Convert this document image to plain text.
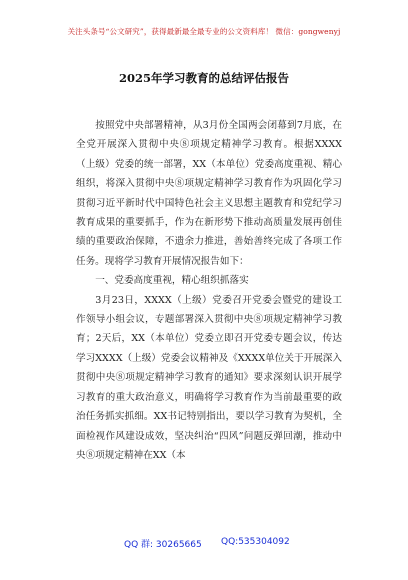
关注头条号“公文研究”，获得最新最全最专业的公文资料库！ 微信：gongwenyj
2025年学习教育的总结评估报告

按照党中央部署精神，从3月份全国两会闭幕到7月底，在全党开展深入贯彻中央⑧项规定精神学习教育。根据XXXX（上级）党委的统一部署，XX（本单位）党委高度重视、精心组织，将深入贯彻中央⑧项规定精神学习教育作为巩固化学习贯彻习近平新时代中国特色社会主义思想主题教育和党纪学习教育成果的重要抓手，作为在新形势下推动高质量发展再创佳绩的重要政治保障，不遗余力推进，善始善终完成了各项工作任务。现将学习教育开展情况报告如下：

一、党委高度重视，精心组织抓落实

3月23日，XXXX（上级）党委召开党委会暨党的建设工作领导小组会议，专题部署深入贯彻中央⑧项规定精神学习教育；2天后，XX（本单位）党委立即召开党委专题会议，传达学习XXXX（上级）党委会议精神及《XXXX单位关于开展深入贯彻中央⑧项规定精神学习教育的通知》要求深刻认识开展学习教育的重大政治意义，明确将学习教育作为当前最重要的政治任务抓实抓细。XX书记特别指出，要以学习教育为契机，全面检视作风建设成效，坚决纠治“四风”问题反弹回潮，推动中央⑧项规定精神在XX（本

QQ 群: 30265665 QQ:535304092
